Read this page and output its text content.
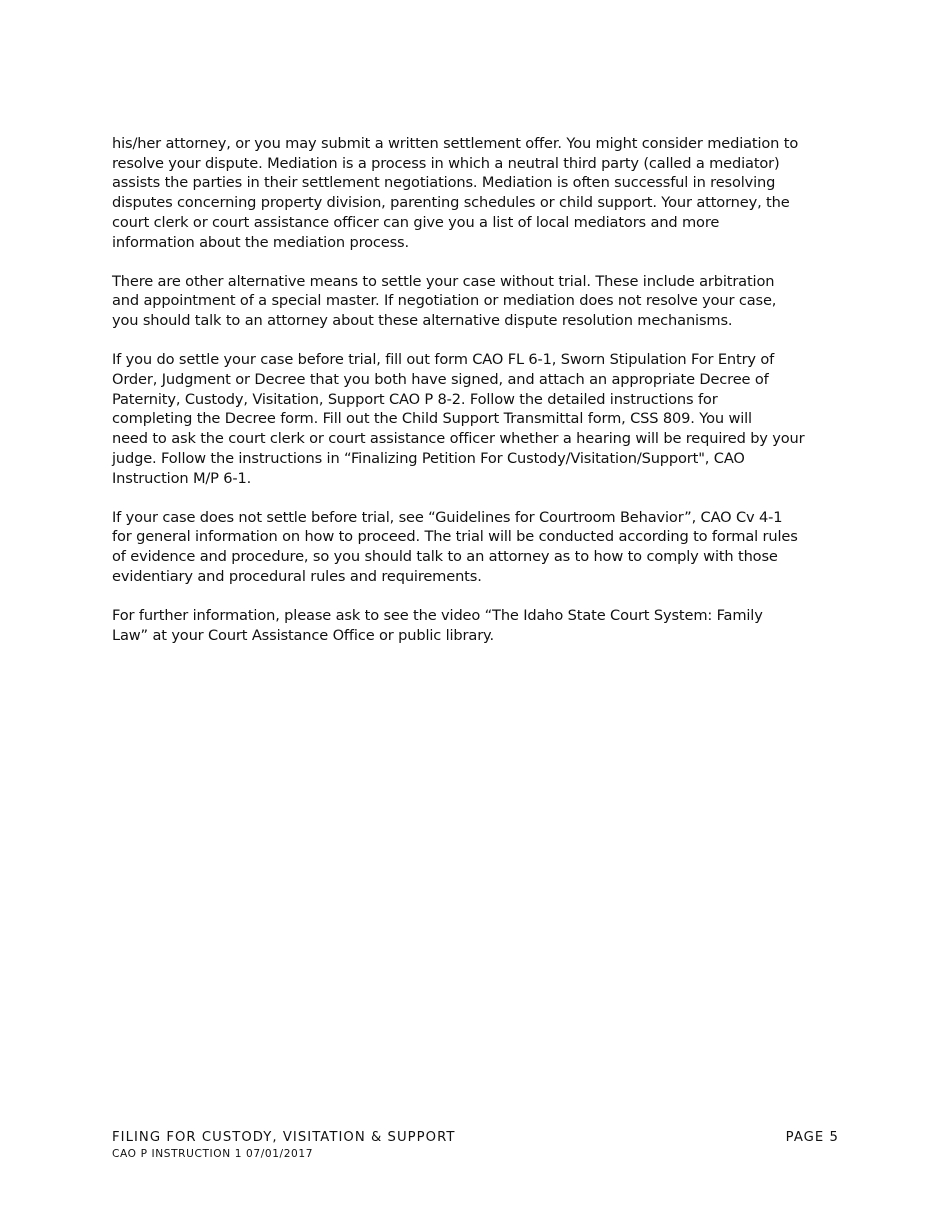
his/her attorney, or you may submit a written settlement offer. You might consider mediation to
resolve your dispute. Mediation is a process in which a neutral third party (called a mediator)
assists the parties in their settlement negotiations. Mediation is often successful in resolving
disputes concerning property division, parenting schedules or child support. Your attorney, the
court clerk or court assistance officer can give you a list of local mediators and more
information about the mediation process.

There are other alternative means to settle your case without trial. These include arbitration
and appointment of a special master. If negotiation or mediation does not resolve your case,
you should talk to an attorney about these alternative dispute resolution mechanisms.

If you do settle your case before trial, fill out form CAO FL 6-1, Sworn Stipulation For Entry of
Order, Judgment or Decree that you both have signed, and attach an appropriate Decree of
Paternity, Custody, Visitation, Support CAO P 8-2. Follow the detailed instructions for
completing the Decree form. Fill out the Child Support Transmittal form, CSS 809. You will
need to ask the court clerk or court assistance officer whether a hearing will be required by your
judge. Follow the instructions in “Finalizing Petition For Custody/Visitation/Support", CAO
Instruction M/P 6-1.

If your case does not settle before trial, see “Guidelines for Courtroom Behavior”, CAO Cv 4-1
for general information on how to proceed. The trial will be conducted according to formal rules
of evidence and procedure, so you should talk to an attorney as to how to comply with those
evidentiary and procedural rules and requirements.

For further information, please ask to see the video “The Idaho State Court System: Family
Law” at your Court Assistance Office or public library.

FILING FOR CUSTODY, VISITATION & SUPPORT	PAGE 5
CAO P INSTRUCTION 1 07/01/2017
